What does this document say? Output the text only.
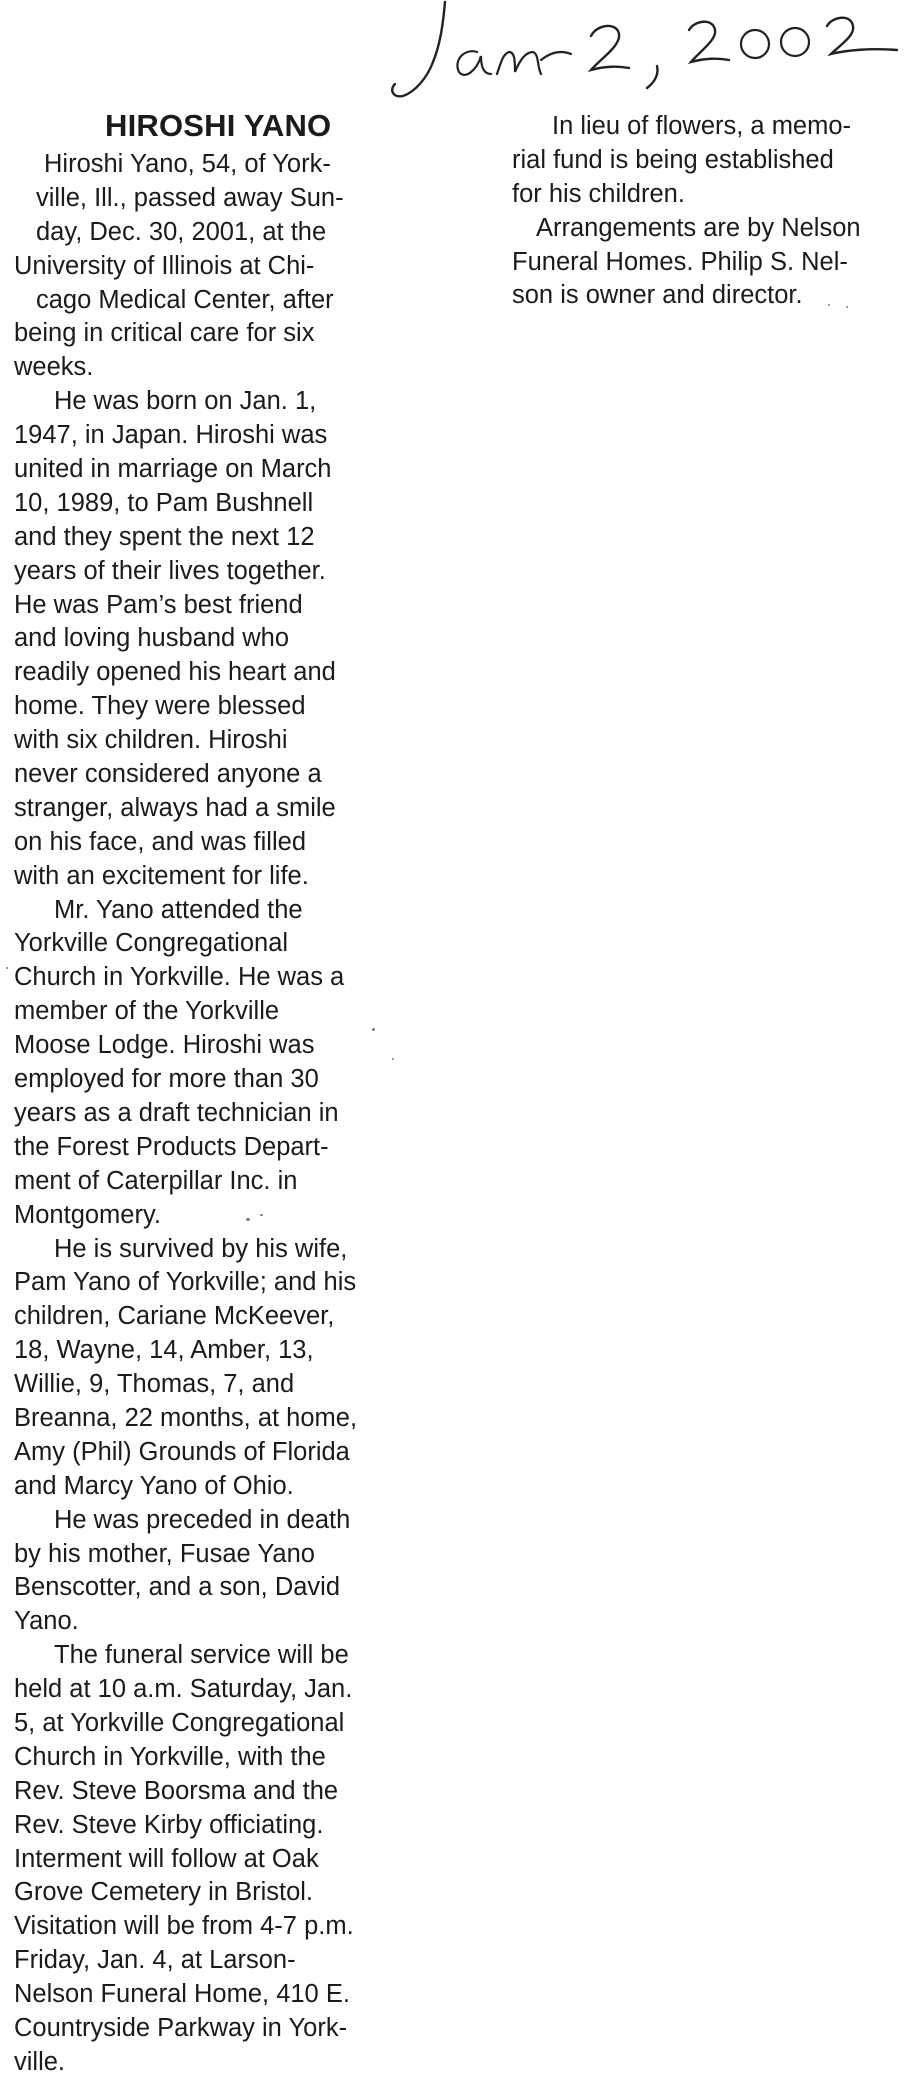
HIROSHI YANO
Hiroshi Yano, 54, of York-
ville, Ill., passed away Sun-
day, Dec. 30, 2001, at the
University of Illinois at Chi-
cago Medical Center, after
being in critical care for six
weeks.
He was born on Jan. 1,
1947, in Japan. Hiroshi was
united in marriage on March
10, 1989, to Pam Bushnell
and they spent the next 12
years of their lives together.
He was Pam’s best friend
and loving husband who
readily opened his heart and
home. They were blessed
with six children. Hiroshi
never considered anyone a
stranger, always had a smile
on his face, and was filled
with an excitement for life.
Mr. Yano attended the
Yorkville Congregational
Church in Yorkville. He was a
member of the Yorkville
Moose Lodge. Hiroshi was
employed for more than 30
years as a draft technician in
the Forest Products Depart-
ment of Caterpillar Inc. in
Montgomery.
He is survived by his wife,
Pam Yano of Yorkville; and his
children, Cariane McKeever,
18, Wayne, 14, Amber, 13,
Willie, 9, Thomas, 7, and
Breanna, 22 months, at home,
Amy (Phil) Grounds of Florida
and Marcy Yano of Ohio.
He was preceded in death
by his mother, Fusae Yano
Benscotter, and a son, David
Yano.
The funeral service will be
held at 10 a.m. Saturday, Jan.
5, at Yorkville Congregational
Church in Yorkville, with the
Rev. Steve Boorsma and the
Rev. Steve Kirby officiating.
Interment will follow at Oak
Grove Cemetery in Bristol.
Visitation will be from 4-7 p.m.
Friday, Jan. 4, at Larson-
Nelson Funeral Home, 410 E.
Countryside Parkway in York-
ville.
In lieu of flowers, a memo-
rial fund is being established
for his children.
Arrangements are by Nelson
Funeral Homes. Philip S. Nel-
son is owner and director.
